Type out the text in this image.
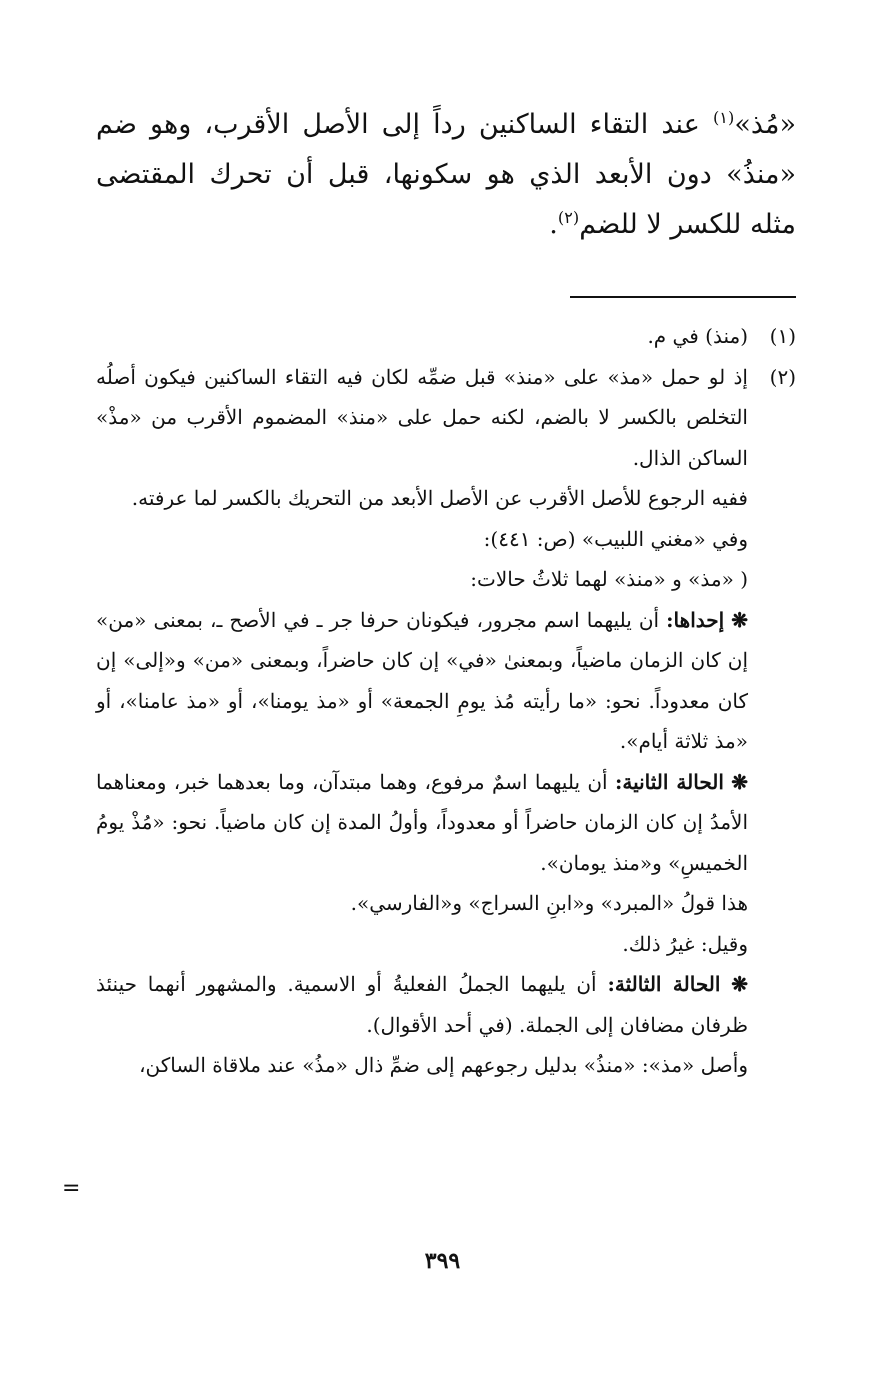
«مُذ»$^{(١)}$ عند التقاء الساكنين رداً إلى الأصل الأقرب، وهو ضم «منذُ» دون الأبعد الذي هو سكونها، قبل أن تحرك المقتضى مثله للكسر لا للضم$^{(٢)}$.

(١)
(منذ) في م.
(٢)

إذ لو حمل «مذ» على «منذ» قبل ضمِّه لكان فيه التقاء الساكنين فيكون أصلُه التخلص بالكسر لا بالضم، لكنه حمل على «منذ» المضموم الأقرب من «مذْ» الساكن الذال.

ففيه الرجوع للأصل الأقرب عن الأصل الأبعد من التحريك بالكسر لما عرفته.

وفي «مغني اللبيب» (ص: ٤٤١):

( «مذ» و «منذ» لهما ثلاثُ حالات:

❋ إحداها: أن يليهما اسم مجرور، فيكونان حرفا جر ـ في الأصح ـ، بمعنى «من» إن كان الزمان ماضياً، وبمعنىٰ «في» إن كان حاضراً، وبمعنى «من» و«إلى» إن كان معدوداً. نحو: «ما رأيته مُذ يومِ الجمعة» أو «مذ يومنا»، أو «مذ عامنا»، أو «مذ ثلاثة أيام».

❋ الحالة الثانية: أن يليهما اسمٌ مرفوع، وهما مبتدآن، وما بعدهما خبر، ومعناهما الأمدُ إن كان الزمان حاضراً أو معدوداً، وأولُ المدة إن كان ماضياً. نحو: «مُذْ يومُ الخميسِ» و«منذ يومان».

هذا قولُ «المبرد» و«ابنِ السراج» و«الفارسي».

وقيل: غيرُ ذلك.

❋ الحالة الثالثة: أن يليهما الجملُ الفعليةُ أو الاسمية. والمشهور أنهما حينئذ ظرفان مضافان إلى الجملة. (في أحد الأقوال).

وأصل «مذ»: «منذُ» بدليل رجوعهم إلى ضمِّ ذال «مذُ» عند ملاقاة الساكن،

=
٣٩٩
